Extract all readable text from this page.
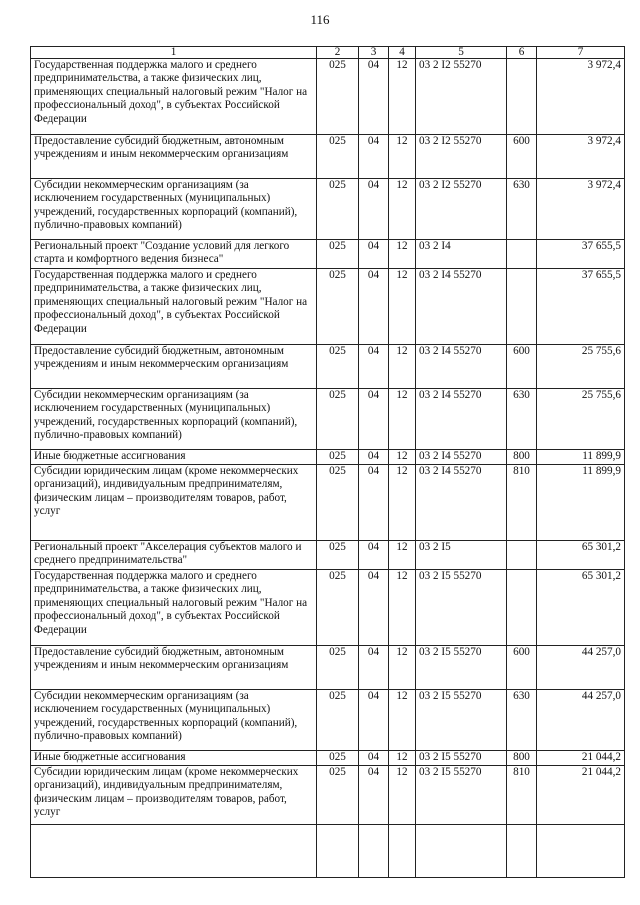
116
1	2	3	4	5	6	7
Государственная поддержка малого и среднего предпринимательства, а также физических лиц, применяющих специальный налоговый режим "Налог на профессиональный доход", в субъектах Российской Федерации	025	04	12	03 2 I2 55270		3 972,4
Предоставление субсидий бюджетным, автономным учреждениям и иным некоммерческим организациям	025	04	12	03 2 I2 55270	600	3 972,4
Субсидии некоммерческим организациям (за исключением государственных (муниципальных) учреждений, государственных корпораций (компаний), публично-правовых компаний)	025	04	12	03 2 I2 55270	630	3 972,4
Региональный проект "Создание условий для легкого старта и комфортного ведения бизнеса"	025	04	12	03 2 I4		37 655,5
Государственная поддержка малого и среднего предпринимательства, а также физических лиц, применяющих специальный налоговый режим "Налог на профессиональный доход", в субъектах Российской Федерации	025	04	12	03 2 I4 55270		37 655,5
Предоставление субсидий бюджетным, автономным учреждениям и иным некоммерческим организациям	025	04	12	03 2 I4 55270	600	25 755,6
Субсидии некоммерческим организациям (за исключением государственных (муниципальных) учреждений, государственных корпораций (компаний), публично-правовых компаний)	025	04	12	03 2 I4 55270	630	25 755,6
Иные бюджетные ассигнования	025	04	12	03 2 I4 55270	800	11 899,9
Субсидии юридическим лицам (кроме некоммерческих организаций), индивидуальным предпринимателям, физическим лицам – производителям товаров, работ, услуг	025	04	12	03 2 I4 55270	810	11 899,9
Региональный проект "Акселерация субъектов малого и среднего предпринимательства"	025	04	12	03 2 I5		65 301,2
Государственная поддержка малого и среднего предпринимательства, а также физических лиц, применяющих специальный налоговый режим "Налог на профессиональный доход", в субъектах Российской Федерации	025	04	12	03 2 I5 55270		65 301,2
Предоставление субсидий бюджетным, автономным учреждениям и иным некоммерческим организациям	025	04	12	03 2 I5 55270	600	44 257,0
Субсидии некоммерческим организациям (за исключением государственных (муниципальных) учреждений, государственных корпораций (компаний), публично-правовых компаний)	025	04	12	03 2 I5 55270	630	44 257,0
Иные бюджетные ассигнования	025	04	12	03 2 I5 55270	800	21 044,2
Субсидии юридическим лицам (кроме некоммерческих организаций), индивидуальным предпринимателям, физическим лицам – производителям товаров, работ, услуг	025	04	12	03 2 I5 55270	810	21 044,2
